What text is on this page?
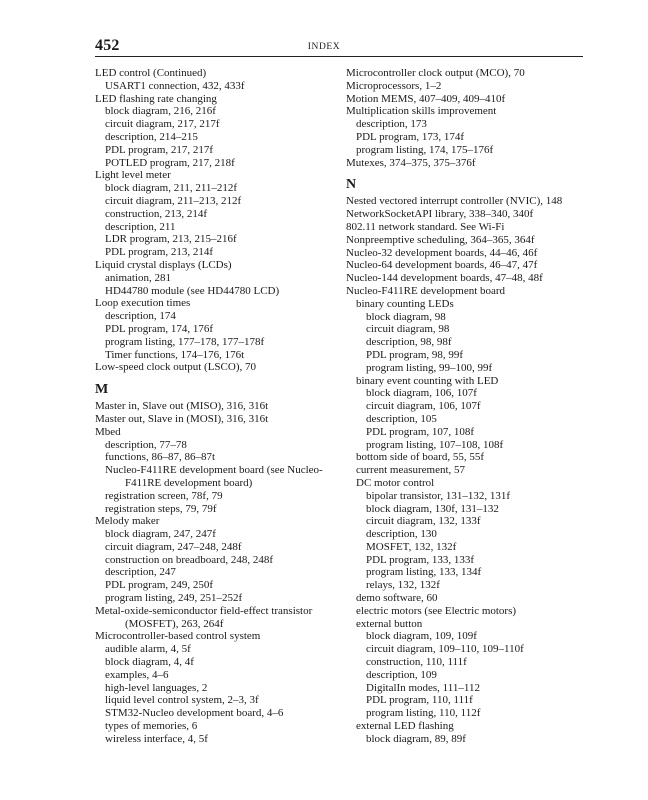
452	INDEX
LED control (Continued)
USART1 connection, 432, 433f
LED flashing rate changing
block diagram, 216, 216f
circuit diagram, 217, 217f
description, 214–215
PDL program, 217, 217f
POTLED program, 217, 218f
Light level meter
block diagram, 211, 211–212f
circuit diagram, 211–213, 212f
construction, 213, 214f
description, 211
LDR program, 213, 215–216f
PDL program, 213, 214f
Liquid crystal displays (LCDs)
animation, 281
HD44780 module (see HD44780 LCD)
Loop execution times
description, 174
PDL program, 174, 176f
program listing, 177–178, 177–178f
Timer functions, 174–176, 176t
Low-speed clock output (LSCO), 70
M
Master in, Slave out (MISO), 316, 316t
Master out, Slave in (MOSI), 316, 316t
Mbed
description, 77–78
functions, 86–87, 86–87t
Nucleo-F411RE development board (see Nucleo-
F411RE development board)
registration screen, 78f, 79
registration steps, 79, 79f
Melody maker
block diagram, 247, 247f
circuit diagram, 247–248, 248f
construction on breadboard, 248, 248f
description, 247
PDL program, 249, 250f
program listing, 249, 251–252f
Metal-oxide-semiconductor field-effect transistor
(MOSFET), 263, 264f
Microcontroller-based control system
audible alarm, 4, 5f
block diagram, 4, 4f
examples, 4–6
high-level languages, 2
liquid level control system, 2–3, 3f
STM32-Nucleo development board, 4–6
types of memories, 6
wireless interface, 4, 5f
Microcontroller clock output (MCO), 70
Microprocessors, 1–2
Motion MEMS, 407–409, 409–410f
Multiplication skills improvement
description, 173
PDL program, 173, 174f
program listing, 174, 175–176f
Mutexes, 374–375, 375–376f
N
Nested vectored interrupt controller (NVIC), 148
NetworkSocketAPI library, 338–340, 340f
802.11 network standard. See Wi-Fi
Nonpreemptive scheduling, 364–365, 364f
Nucleo-32 development boards, 44–46, 46f
Nucleo-64 development boards, 46–47, 47f
Nucleo-144 development boards, 47–48, 48f
Nucleo-F411RE development board
binary counting LEDs
block diagram, 98
circuit diagram, 98
description, 98, 98f
PDL program, 98, 99f
program listing, 99–100, 99f
binary event counting with LED
block diagram, 106, 107f
circuit diagram, 106, 107f
description, 105
PDL program, 107, 108f
program listing, 107–108, 108f
bottom side of board, 55, 55f
current measurement, 57
DC motor control
bipolar transistor, 131–132, 131f
block diagram, 130f, 131–132
circuit diagram, 132, 133f
description, 130
MOSFET, 132, 132f
PDL program, 133, 133f
program listing, 133, 134f
relays, 132, 132f
demo software, 60
electric motors (see Electric motors)
external button
block diagram, 109, 109f
circuit diagram, 109–110, 109–110f
construction, 110, 111f
description, 109
DigitalIn modes, 111–112
PDL program, 110, 111f
program listing, 110, 112f
external LED flashing
block diagram, 89, 89f
